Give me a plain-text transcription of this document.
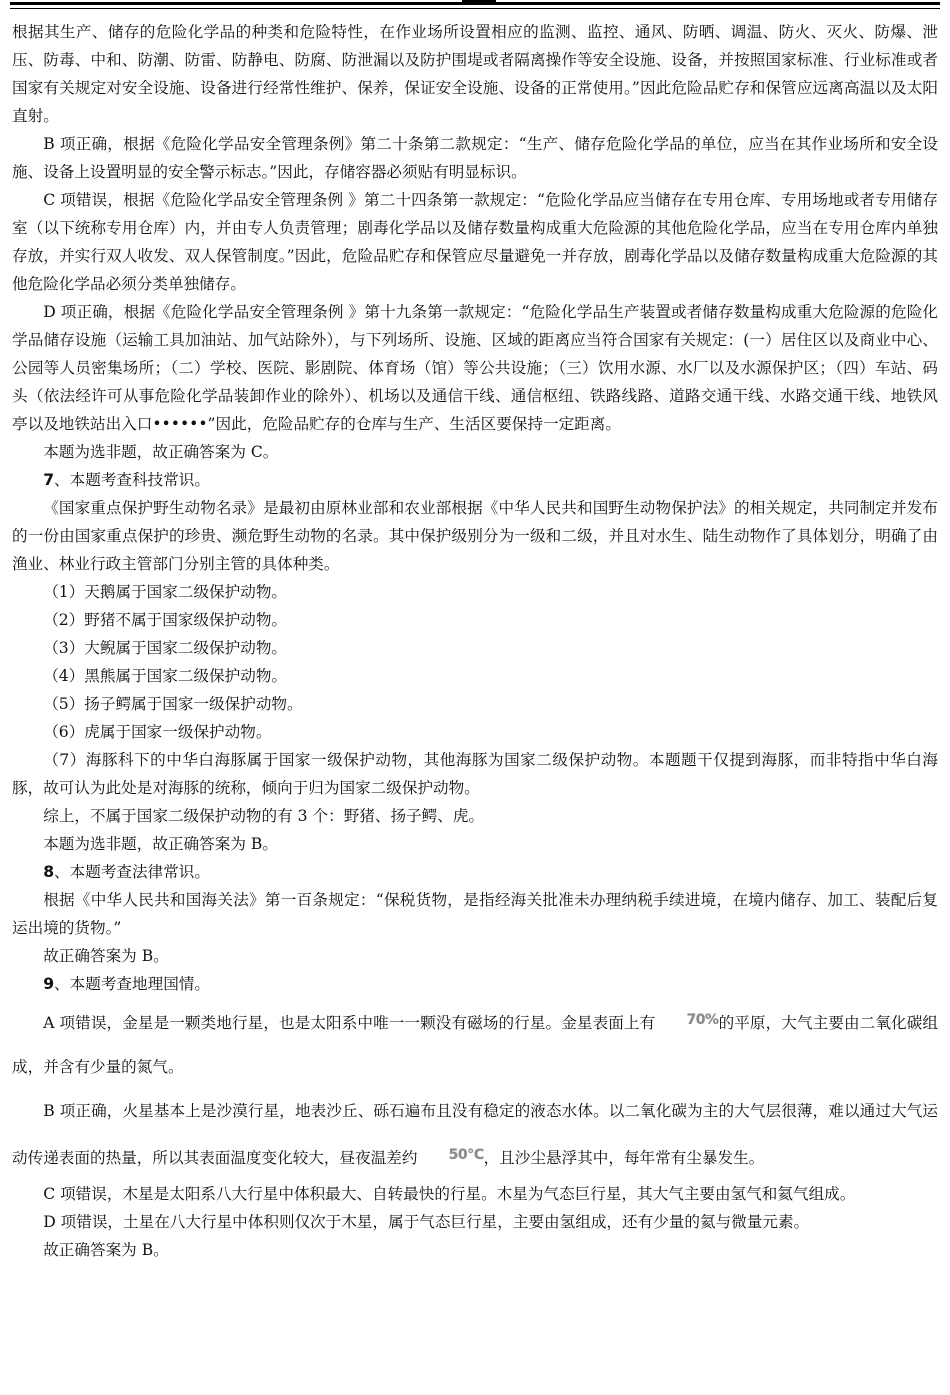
根据其生产、储存的危险化学品的种类和危险特性，在作业场所设置相应的监测、监控、通风、防晒、调温、防火、灭火、防爆、泄压、防毒、中和、防潮、防雷、防静电、防腐、防泄漏以及防护围堤或者隔离操作等安全设施、设备，并按照国家标准、行业标准或者国家有关规定对安全设施、设备进行经常性维护、保养，保证安全设施、设备的正常使用。”因此危险品贮存和保管应远离高温以及太阳直射。

B 项正确，根据《危险化学品安全管理条例》第二十条第二款规定：“生产、储存危险化学品的单位，应当在其作业场所和安全设施、设备上设置明显的安全警示标志。”因此，存储容器必须贴有明显标识。

C 项错误，根据《危险化学品安全管理条例 》第二十四条第一款规定：“危险化学品应当储存在专用仓库、专用场地或者专用储存室（以下统称专用仓库）内，并由专人负责管理；剧毒化学品以及储存数量构成重大危险源的其他危险化学品，应当在专用仓库内单独存放，并实行双人收发、双人保管制度。”因此，危险品贮存和保管应尽量避免一并存放，剧毒化学品以及储存数量构成重大危险源的其他危险化学品必须分类单独储存。

D 项正确，根据《危险化学品安全管理条例 》第十九条第一款规定：“危险化学品生产装置或者储存数量构成重大危险源的危险化学品储存设施（运输工具加油站、加气站除外），与下列场所、设施、区域的距离应当符合国家有关规定：(一）居住区以及商业中心、公园等人员密集场所；（二）学校、医院、影剧院、体育场（馆）等公共设施；（三）饮用水源、水厂以及水源保护区；（四）车站、码头（依法经许可从事危险化学品装卸作业的除外）、机场以及通信干线、通信枢纽、铁路线路、道路交通干线、水路交通干线、地铁风亭以及地铁站出入口••••••”因此，危险品贮存的仓库与生产、生活区要保持一定距离。

本题为选非题，故正确答案为 C。

7、本题考查科技常识。

《国家重点保护野生动物名录》是最初由原林业部和农业部根据《中华人民共和国野生动物保护法》的相关规定，共同制定并发布的一份由国家重点保护的珍贵、濒危野生动物的名录。其中保护级别分为一级和二级，并且对水生、陆生动物作了具体划分，明确了由渔业、林业行政主管部门分别主管的具体种类。

（1）天鹅属于国家二级保护动物。

（2）野猪不属于国家级保护动物。

（3）大鲵属于国家二级保护动物。

（4）黑熊属于国家二级保护动物。

（5）扬子鳄属于国家一级保护动物。

（6）虎属于国家一级保护动物。

（7）海豚科下的中华白海豚属于国家一级保护动物，其他海豚为国家二级保护动物。本题题干仅提到海豚，而非特指中华白海豚，故可认为此处是对海豚的统称，倾向于归为国家二级保护动物。

综上，不属于国家二级保护动物的有 3 个：野猪、扬子鳄、虎。

本题为选非题，故正确答案为 B。

8、本题考查法律常识。

根据《中华人民共和国海关法》第一百条规定：“保税货物，是指经海关批准未办理纳税手续进境，在境内储存、加工、装配后复运出境的货物。”

故正确答案为 B。

9、本题考查地理国情。

A 项错误，金星是一颗类地行星，也是太阳系中唯一一颗没有磁场的行星。金星表面上有 70%的平原，大气主要由二氧化碳组成，并含有少量的氮气。

B 项正确，火星基本上是沙漠行星，地表沙丘、砾石遍布且没有稳定的液态水体。以二氧化碳为主的大气层很薄，难以通过大气运动传递表面的热量，所以其表面温度变化较大，昼夜温差约 50℃，且沙尘悬浮其中，每年常有尘暴发生。

C 项错误，木星是太阳系八大行星中体积最大、自转最快的行星。木星为气态巨行星，其大气主要由氢气和氦气组成。

D 项错误，土星在八大行星中体积则仅次于木星，属于气态巨行星，主要由氢组成，还有少量的氦与微量元素。

故正确答案为 B。
